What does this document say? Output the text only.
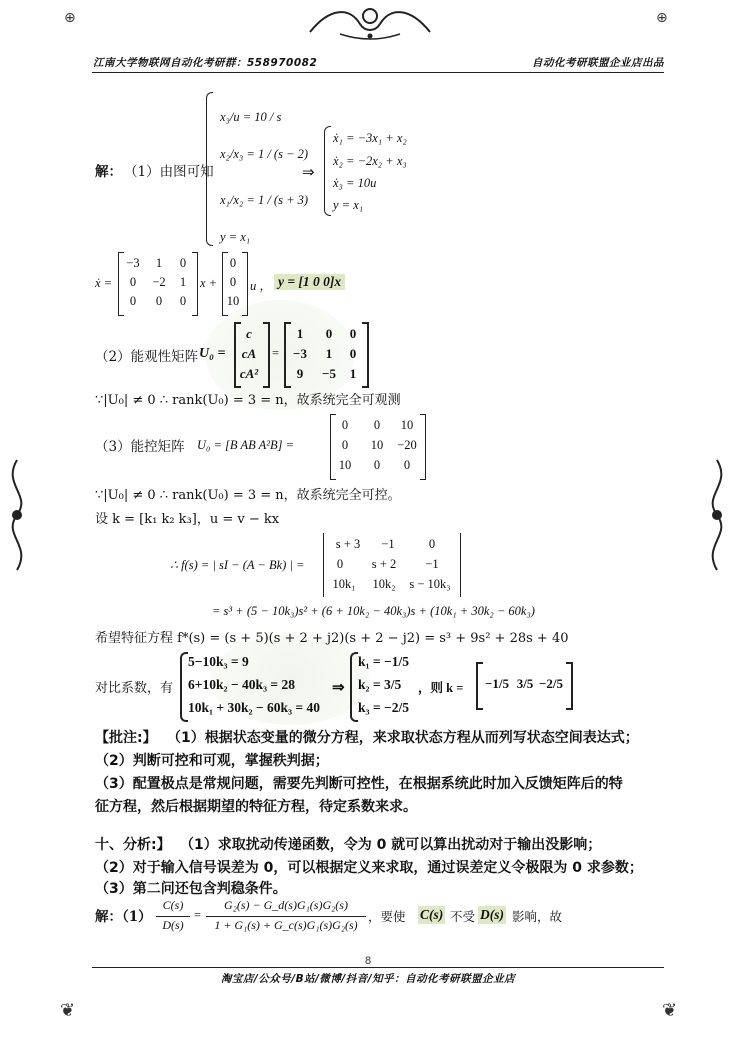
❦	❦
⊕	⊕
江南大学物联网自动化考研群：558970082	自动化考研联盟企业店出品
解： （1）由图可知
x₃/u = 10 / s
x₂/x₃ = 1 / (s − 2)
x₁/x₂ = 1 / (s + 3)
y = x₁
⇒
ẋ₁ = −3x₁ + x₂
ẋ₂ = −2x₂ + x₃
ẋ₃ = 10u
y = x₁
ẋ =
−3	1	0
0	−2	1
0	0	0
x +
0
0
10
u ， y = [1 0 0]x
（2）能观性矩阵 U₀ =
c
cA
cA²
=
1	0	0
−3	1	0
9	−5	1
∵|U₀| ≠ 0 ∴ rank(U₀) = 3 = n，故系统完全可观测
（3）能控矩阵 U₀ = [B AB A²B] =
0	0	10
0	10	−20
10	0	0
∵|U₀| ≠ 0 ∴ rank(U₀) = 3 = n，故系统完全可控。
设 k = [k₁ k₂ k₃]，u = v − kx
∴ f(s) = | sI − (A − Bk) | =
s + 3	−1	0
0	s + 2	−1
10k₁	10k₂	s − 10k₃
= s³ + (5 − 10k₃)s² + (6 + 10k₂ − 40k₃)s + (10k₁ + 30k₂ − 60k₃)
希望特征方程 f*(s) = (s + 5)(s + 2 + j2)(s + 2 − j2) = s³ + 9s² + 28s + 40
对比系数，有
5−10k₃ = 9
6+10k₂ − 40k₃ = 28
10k₁ + 30k₂ − 60k₃ = 40
⇒
k₁ = −1/5
k₂ = 3/5
k₃ = −2/5
，则 k = −1/5 3/5 −2/5
【批注:】 （1）根据状态变量的微分方程，来求取状态方程从而列写状态空间表达式；
（2）判断可控和可观，掌握秩判据；
（3）配置极点是常规问题，需要先判断可控性，在根据系统此时加入反馈矩阵后的特
征方程，然后根据期望的特征方程，待定系数来求。
十、分析:】 （1）求取扰动传递函数，令为 0 就可以算出扰动对于输出没影响；
（2）对于输入信号误差为 0，可以根据定义来求取，通过误差定义令极限为 0 求参数；
（3）第二问还包含判稳条件。
解：（1）
C(s)
D(s)
=
G₂(s) − G_d(s)G₁(s)G₂(s)
1 + G₁(s) + G_c(s)G₁(s)G₂(s)
，要使 C(s) 不受 D(s) 影响，故
8
淘宝店/公众号/B站/微博/抖音/知乎：自动化考研联盟企业店
